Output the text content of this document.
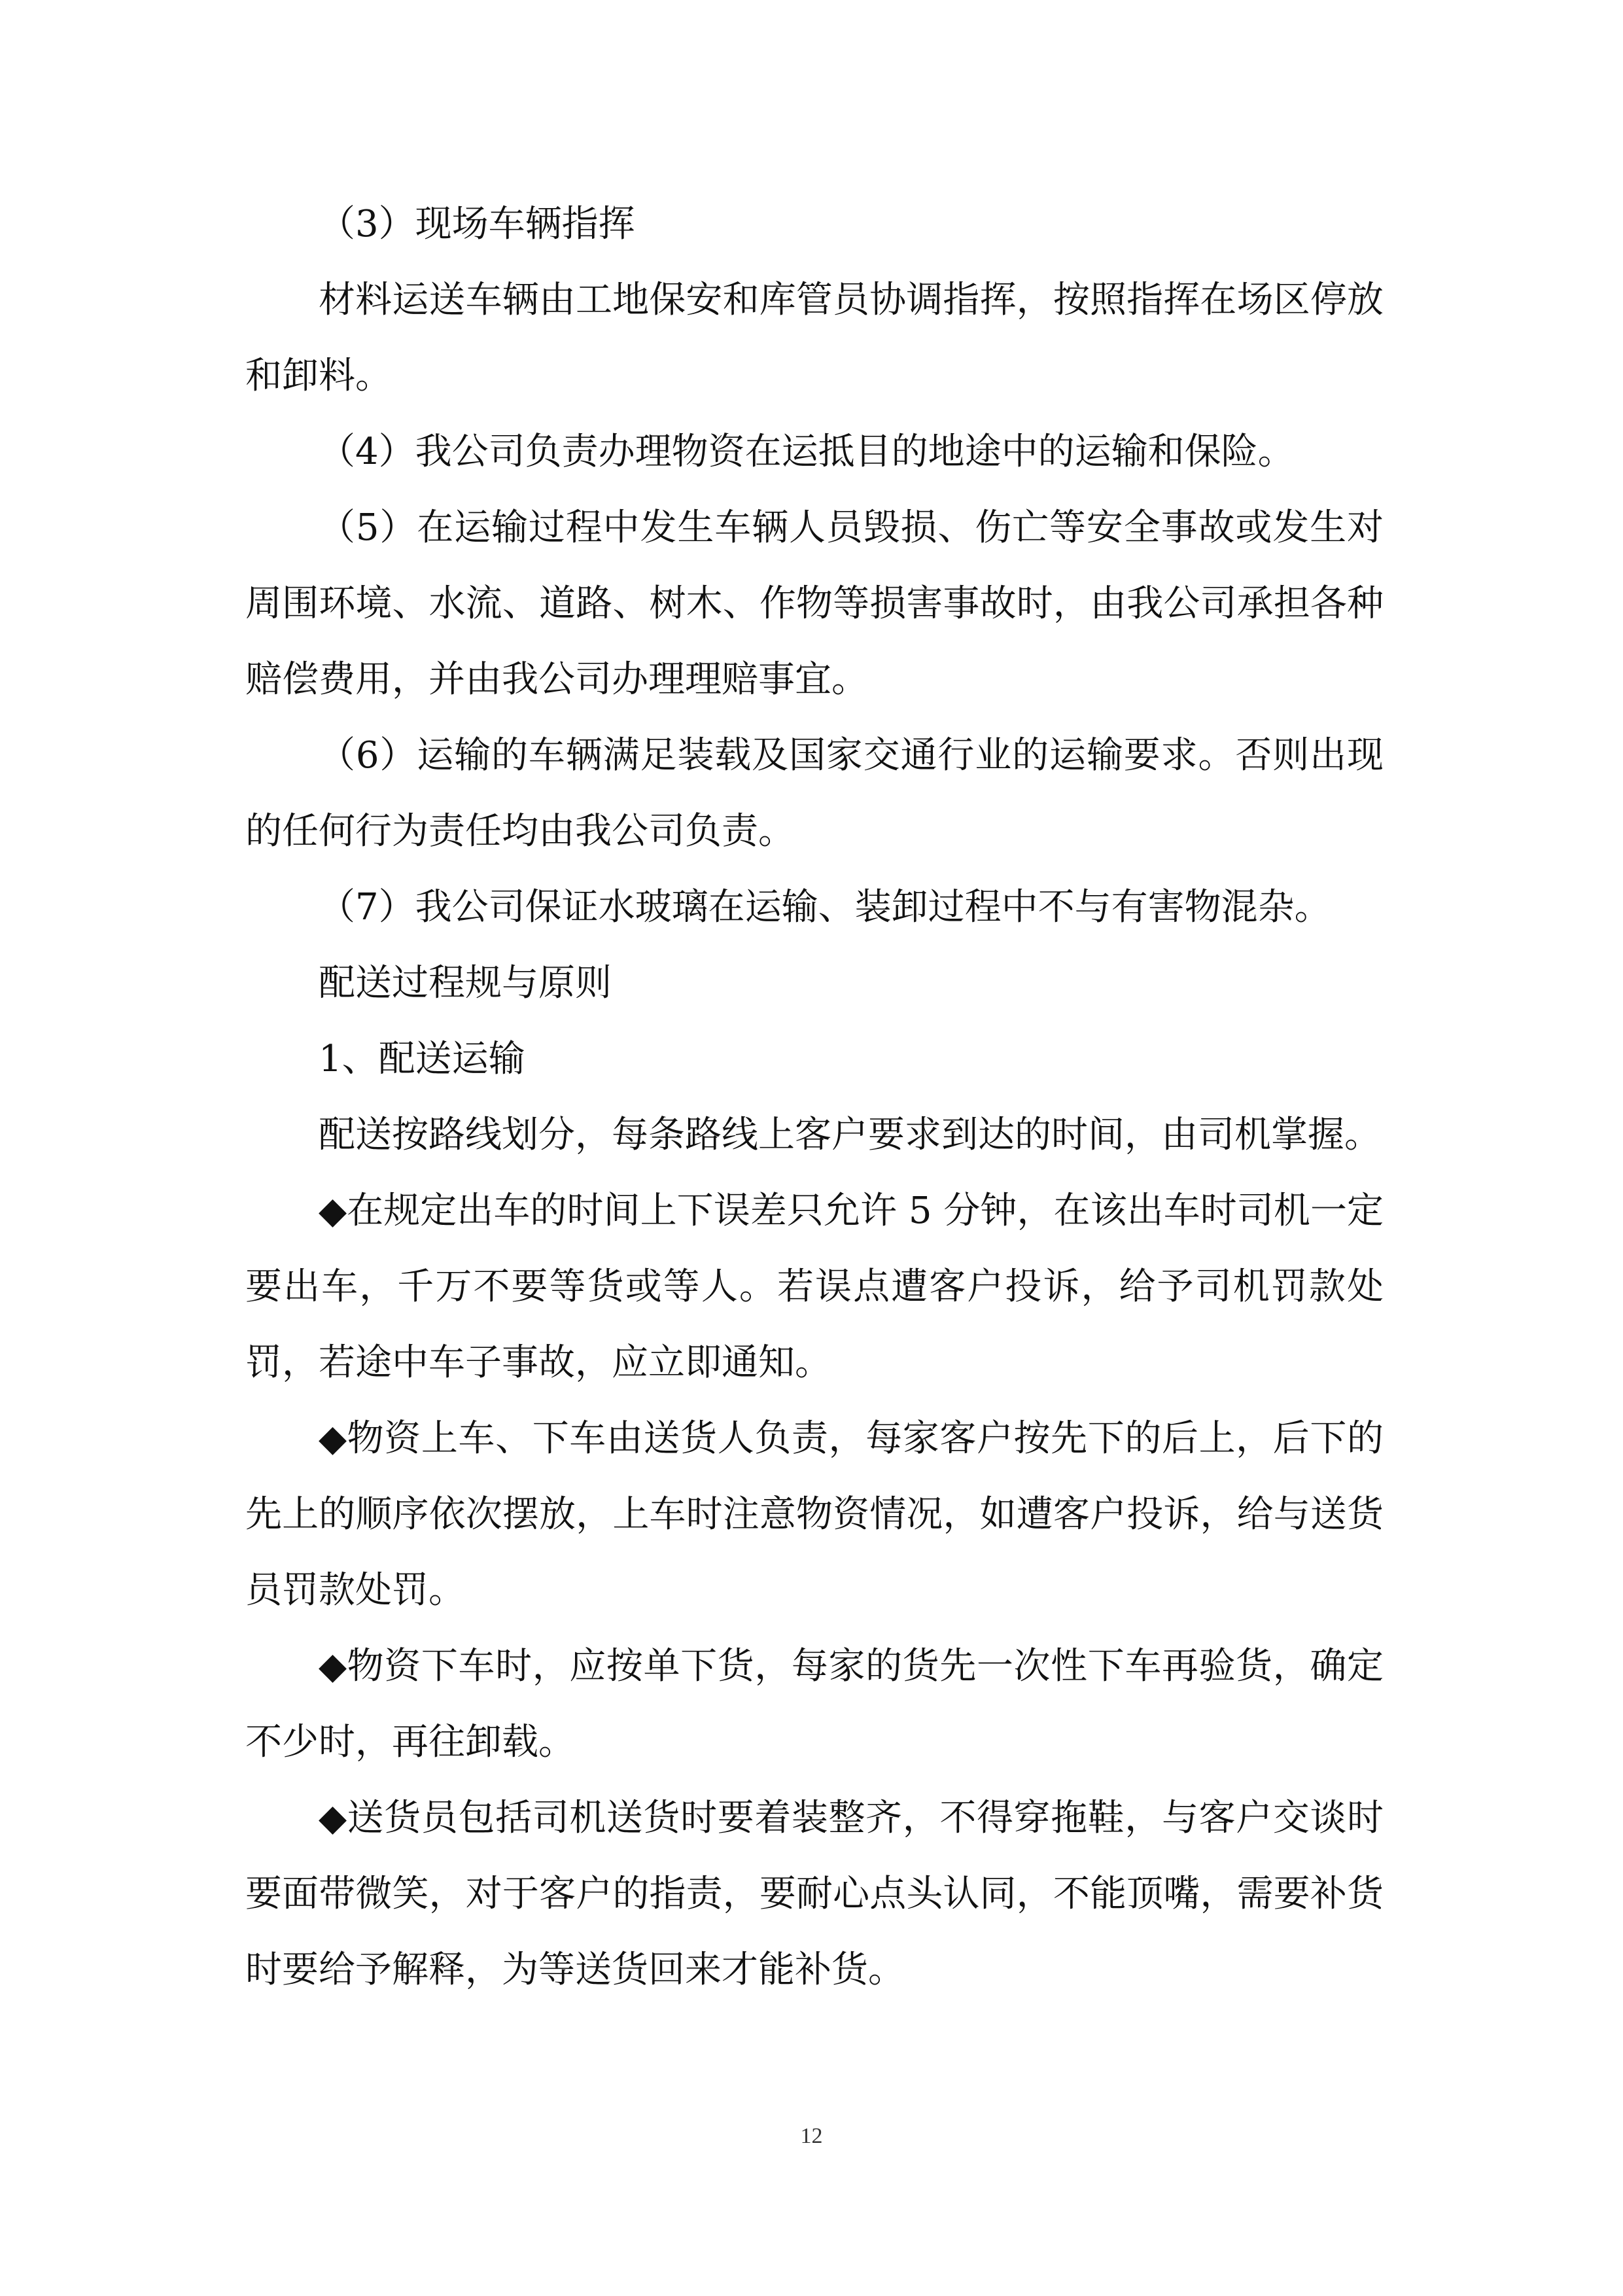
（3）现场车辆指挥

材料运送车辆由工地保安和库管员协调指挥，按照指挥在场区停放和卸料。

（4）我公司负责办理物资在运抵目的地途中的运输和保险。

（5）在运输过程中发生车辆人员毁损、伤亡等安全事故或发生对周围环境、水流、道路、树木、作物等损害事故时，由我公司承担各种赔偿费用，并由我公司办理理赔事宜。

（6）运输的车辆满足装载及国家交通行业的运输要求。否则出现的任何行为责任均由我公司负责。

（7）我公司保证水玻璃在运输、装卸过程中不与有害物混杂。

配送过程规与原则

1、配送运输

配送按路线划分，每条路线上客户要求到达的时间，由司机掌握。

◆在规定出车的时间上下误差只允许 5 分钟，在该出车时司机一定要出车，千万不要等货或等人。若误点遭客户投诉，给予司机罚款处罚，若途中车子事故，应立即通知。

◆物资上车、下车由送货人负责，每家客户按先下的后上，后下的先上的顺序依次摆放，上车时注意物资情况，如遭客户投诉，给与送货员罚款处罚。

◆物资下车时，应按单下货，每家的货先一次性下车再验货，确定不少时，再往卸载。

◆送货员包括司机送货时要着装整齐，不得穿拖鞋，与客户交谈时要面带微笑，对于客户的指责，要耐心点头认同，不能顶嘴，需要补货时要给予解释，为等送货回来才能补货。

12
